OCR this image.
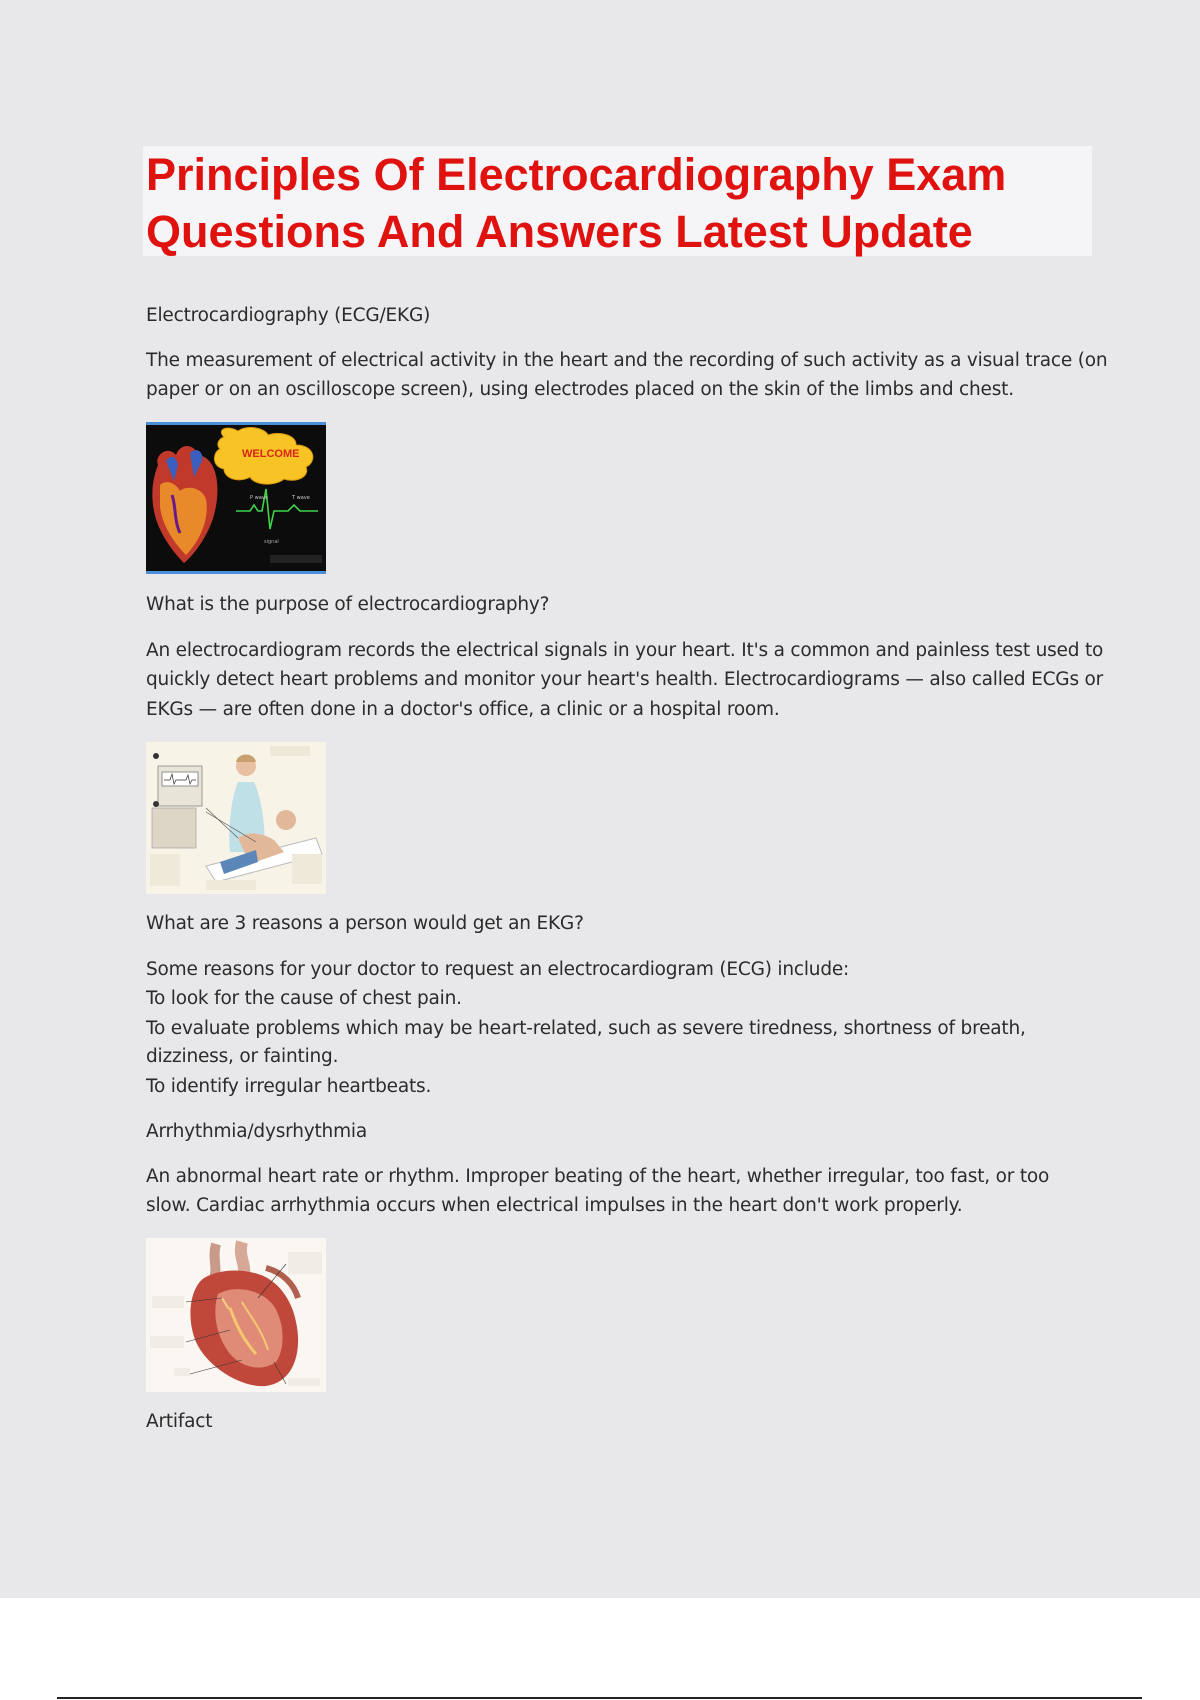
Principles Of Electrocardiography Exam
Questions And Answers Latest Update
Electrocardiography (ECG/EKG)
The measurement of electrical activity in the heart and the recording of such activity as a visual trace (on
paper or on an oscilloscope screen), using electrodes placed on the skin of the limbs and chest.
WELCOME
P wave	T wave
signal
What is the purpose of electrocardiography?
An electrocardiogram records the electrical signals in your heart. It's a common and painless test used to
quickly detect heart problems and monitor your heart's health. Electrocardiograms — also called ECGs or
EKGs — are often done in a doctor's office, a clinic or a hospital room.
What are 3 reasons a person would get an EKG?
Some reasons for your doctor to request an electrocardiogram (ECG) include:
To look for the cause of chest pain.
To evaluate problems which may be heart-related, such as severe tiredness, shortness of breath,
dizziness, or fainting.
To identify irregular heartbeats.
Arrhythmia/dysrhythmia
An abnormal heart rate or rhythm. Improper beating of the heart, whether irregular, too fast, or too
slow. Cardiac arrhythmia occurs when electrical impulses in the heart don't work properly.
Artifact
